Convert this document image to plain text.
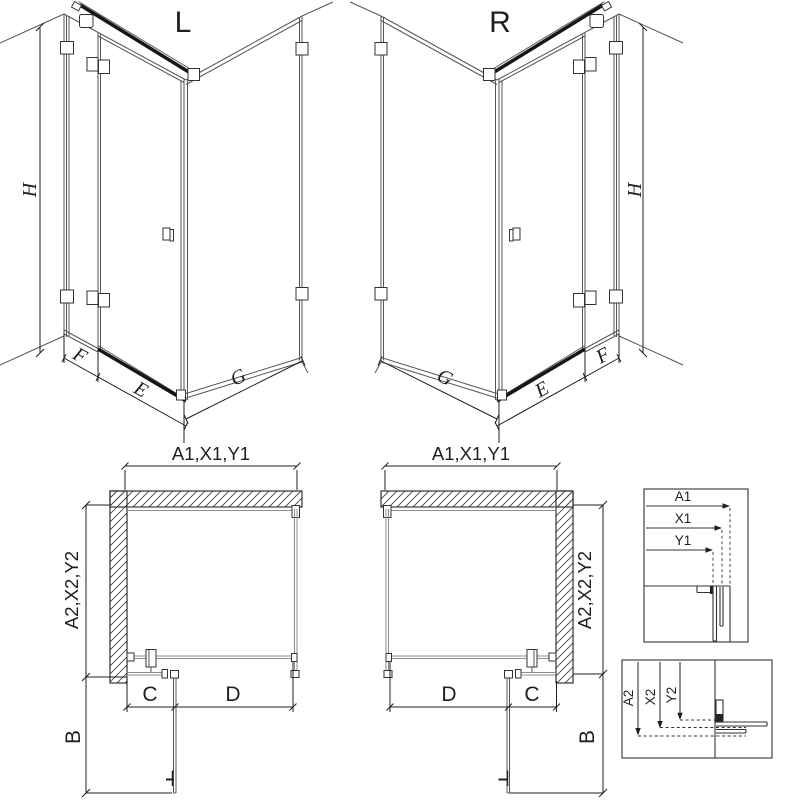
L
H
F
E	G
R
H
F
E
G
A1,X1,Y1
A2,X2,Y2
B
C	D
A1,X1,Y1
A2,X2,Y2
B
C
D
A1
X1
Y1
A2 X2 Y2
